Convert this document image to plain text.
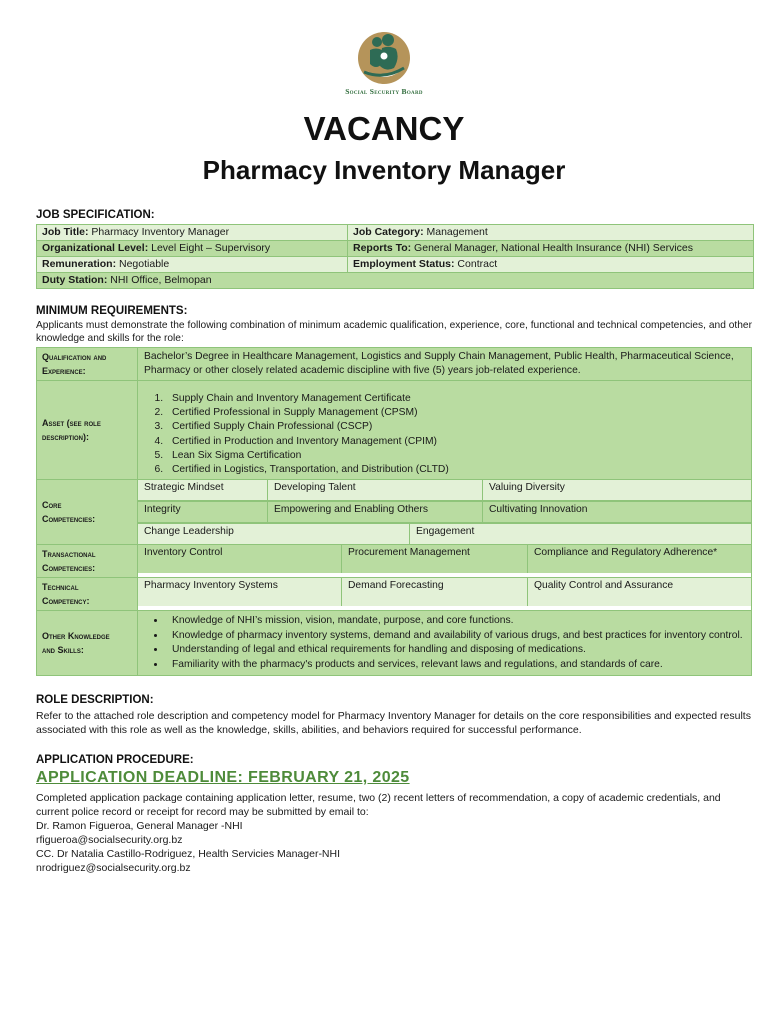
Social Security Board
VACANCY
Pharmacy Inventory Manager
JOB SPECIFICATION:
Job Title: Pharmacy Inventory Manager	Job Category: Management
Organizational Level: Level Eight – Supervisory	Reports To: General Manager, National Health Insurance (NHI) Services
Remuneration: Negotiable	Employment Status: Contract
Duty Station: NHI Office, Belmopan	
MINIMUM REQUIREMENTS:
Applicants must demonstrate the following combination of minimum academic qualification, experience, core, functional and technical competencies, and other knowledge and skills for the role:
Qualification and
Experience:
	Bachelor’s Degree in Healthcare Management, Logistics and Supply Chain Management, Public Health, Pharmaceutical Science, Pharmacy or other closely related academic discipline with five (5) years job-related experience.

Asset (see role
description):

1. Supply Chain and Inventory Management Certificate
2. Certified Professional in Supply Management (CPSM)
3. Certified Supply Chain Professional (CSCP)
4. Certified in Production and Inventory Management (CPIM)
5. Lean Six Sigma Certification
6. Certified in Logistics, Transportation, and Distribution (CLTD)

Core
Competencies:

Strategic Mindset	Developing Talent	Valuing Diversity
Integrity	Empowering and Enabling Others	Cultivating Innovation
Change Leadership	Engagement

Transactional
Competencies:

Inventory Control	Procurement Management	Compliance and Regulatory Adherence*

Technical
Competency:

Pharmacy Inventory Systems	Demand Forecasting	Quality Control and Assurance

Other Knowledge
and Skills:

• Knowledge of NHI’s mission, vision, mandate, purpose, and core functions.
• Knowledge of pharmacy inventory systems, demand and availability of various drugs, and best practices for inventory control.
• Understanding of legal and ethical requirements for handling and disposing of medications.
• Familiarity with the pharmacy's products and services, relevant laws and regulations, and standards of care.
ROLE DESCRIPTION:
Refer to the attached role description and competency model for Pharmacy Inventory Manager for details on the core responsibilities and expected results associated with this role as well as the knowledge, skills, abilities, and behaviors required for successful performance.
APPLICATION PROCEDURE:
APPLICATION DEADLINE: FEBRUARY 21, 2025
Completed application package containing application letter, resume, two (2) recent letters of recommendation, a copy of academic credentials, and current police record or receipt for record may be submitted by email to:
Dr. Ramon Figueroa, General Manager -NHI
rfigueroa@socialsecurity.org.bz
CC. Dr Natalia Castillo-Rodriguez, Health Servicies Manager-NHI
nrodriguez@socialsecurity.org.bz
